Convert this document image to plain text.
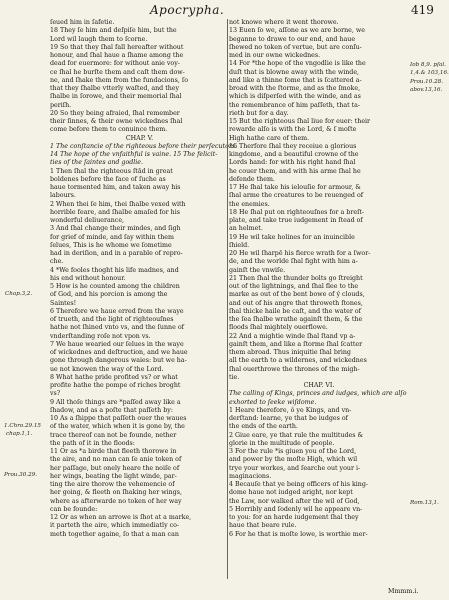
Apocrypha.	419
ſeued him in ſafetie.
18 They ſe him and deſpiſe him, but the
Lord wil laugh them to ſcorne.
19 So that they ſhal fall hereafter without
honour, and ſhal haue a ſhame among the
dead for euermore: for without anie voy-
ce ſhal he burſte them and caſt them dow-
ne, and ſhake them from the fundacions, ſo
that they ſhalbe vtterly waſted, and they
ſhalbe in ſorowe, and their memorial ſhal
periſh.
20 So they being afraied, ſhal remember
their ſinnes, & their owne wickednes ſhal
come before them to conuince them.
CHAP. V.
1 The conſtancie of the righteous before their perſecutors.
14 The hope of the vnfaithful is vaine. 15 The felicit-
ties of the ſaintes and godlie.
1 Then ſhal the righteous ſtād in great
boldenes before the face of ſuche as
haue tormented him, and taken away his
labours.
2 When thei ſe him, thei ſhalbe vexed with
horrible feare, and ſhalbe amaſed for his
wonderful deliuerance,
3 And ſhal change their mindes, and ſigh
for grief of minde, and ſay within them
ſelues, This is he whome we ſometime
had in deriſion, and in a parable of repro-
che.
4 *We fooles thoght his life madnes, and
his end without honour.
5 How is he counted among the children
of God, and his porcion is among the
Saintes!
6 Therefore we haue erred from the waye
of trueth, and the light of righteouſnes
hathe not ſhined vnto vs, and the ſunne of
vnderſtanding roſe not vpon vs.
7 We haue wearied our ſelues in the waye
of wickednes and deſtruction, and we haue
gone through dangerous waies: but we ha-
ue not knowen the way of the Lord.
8 What hathe pride profited vs? or what
profite hathe the pompe of riches broght
vs?
9 All thoſe things are *paſſed away like a
ſhadow, and as a poſte that paſſeth by:
10 As a ſhippe that paſſeth ouer the waues
of the water, which when it is gone by, the
trace thereof can not be founde, nether
the path of it in the floods:
11 Or as *a birde that fleeth thorowe in
the aire, and no man can ſe anie token of
her paſſage, but onely heare the noiſe of
her wings, beating the light winde, par-
ting the aire thorow the vehemencie of
her going, & fleeth on ſhaking her wings,
where as afterwarde no token of her way
can be founde:
12 Or as when an arrowe is ſhot at a marke,
it parteth the aire, which immediatly co-
meth together againe, ſo that a man can
not knowe where it went thorowe.
13 Euen ſo we, aſſone as we are borne, we
beganne to drawe to our end, and haue
ſhewed no token of vertue, but are conſu-
med in our owne wickednes.
14 For *the hope of the vngodlie is like the
duſt that is blowne away with the winde,
and like a thinne fome that is ſcattered a-
broad with the ſtorme, and as the ſmoke,
which is diſperſed with the winde, and as
the remembrance of him paſſeth, that ta-
rieth but for a day.
15 But the righteous ſhal liue for euer: their
rewarde alſo is with the Lord, & ſ moſte
High hathe care of them.
16 Therfore ſhal they receiue a glorious
kingdome, and a beautiful crowne of the
Lords hand: for with his right hand ſhal
he couer them, and with his arme ſhal he
defende them.
17 He ſhal take his ielouſie for armour, &
ſhal arme the creatures to be reuenged of
the enemies.
18 He ſhal put on righteouſnes for a breſt-
plate, and take true iudgement in ſtead of
an helmet.
19 He wil take holines for an inuincible
ſhield.
20 He wil ſharpē his fierce wrath for a ſwor-
de, and the worlde ſhal fight with him a-
gainſt the vnwiſe.
21 Then ſhal the thunder bolts go ſtreight
out of the lightnings, and ſhal flee to the
marke as out of the bent bowe of ý clouds,
and out of his angre that throweth ſtones,
ſhal thicke haile be caſt, and the water of
the ſea ſhalbe wrathe againſt them, & the
floods ſhal mightely ouerflowe.
22 And a mightie winde ſhal ſtand vp a-
gainſt them, and like a ſtorme ſhal ſcatter
them abroad. Thus iniquitie ſhal bring
all the earth to a wildernes, and wickednes
ſhal ouerthrowe the thrones of the migh-
tie.
CHAP. VI.
The calling of Kings, princes and iudges, which are alſo
exhorted to ſeeke wiſdome.
1 Heare therefore, ô ye Kings, and vn-
derſtand: learne, ye that be iudges of
the ends of the earth.
2 Giue eare, ye that rule the multitudes &
glorie in the multitude of people.
3 For the rule *is giuen you of the Lord,
and power by the moſte High, which wil
trye your workes, and ſearche out your i-
maginacions.
4 Becauſe that ye being officers of his king-
dome haue not iudged aright, nor kept
the Law, nor walked after the wil of God,
5 Horribly and ſodenly wil he appeare vn-
to you: for an harde iudgement ſhal they
haue that beare rule.
6 For he that is moſte lowe, is worthie mer-
Chap.3,2.
1.Chro.29.15
chap.1,1.
Prou.30.29.
Iob 8,9. pſal.
1,4.& 103,16.
Prou.10.28.
abov.13,16.
Rom.13,1.
Mmmm.i.
